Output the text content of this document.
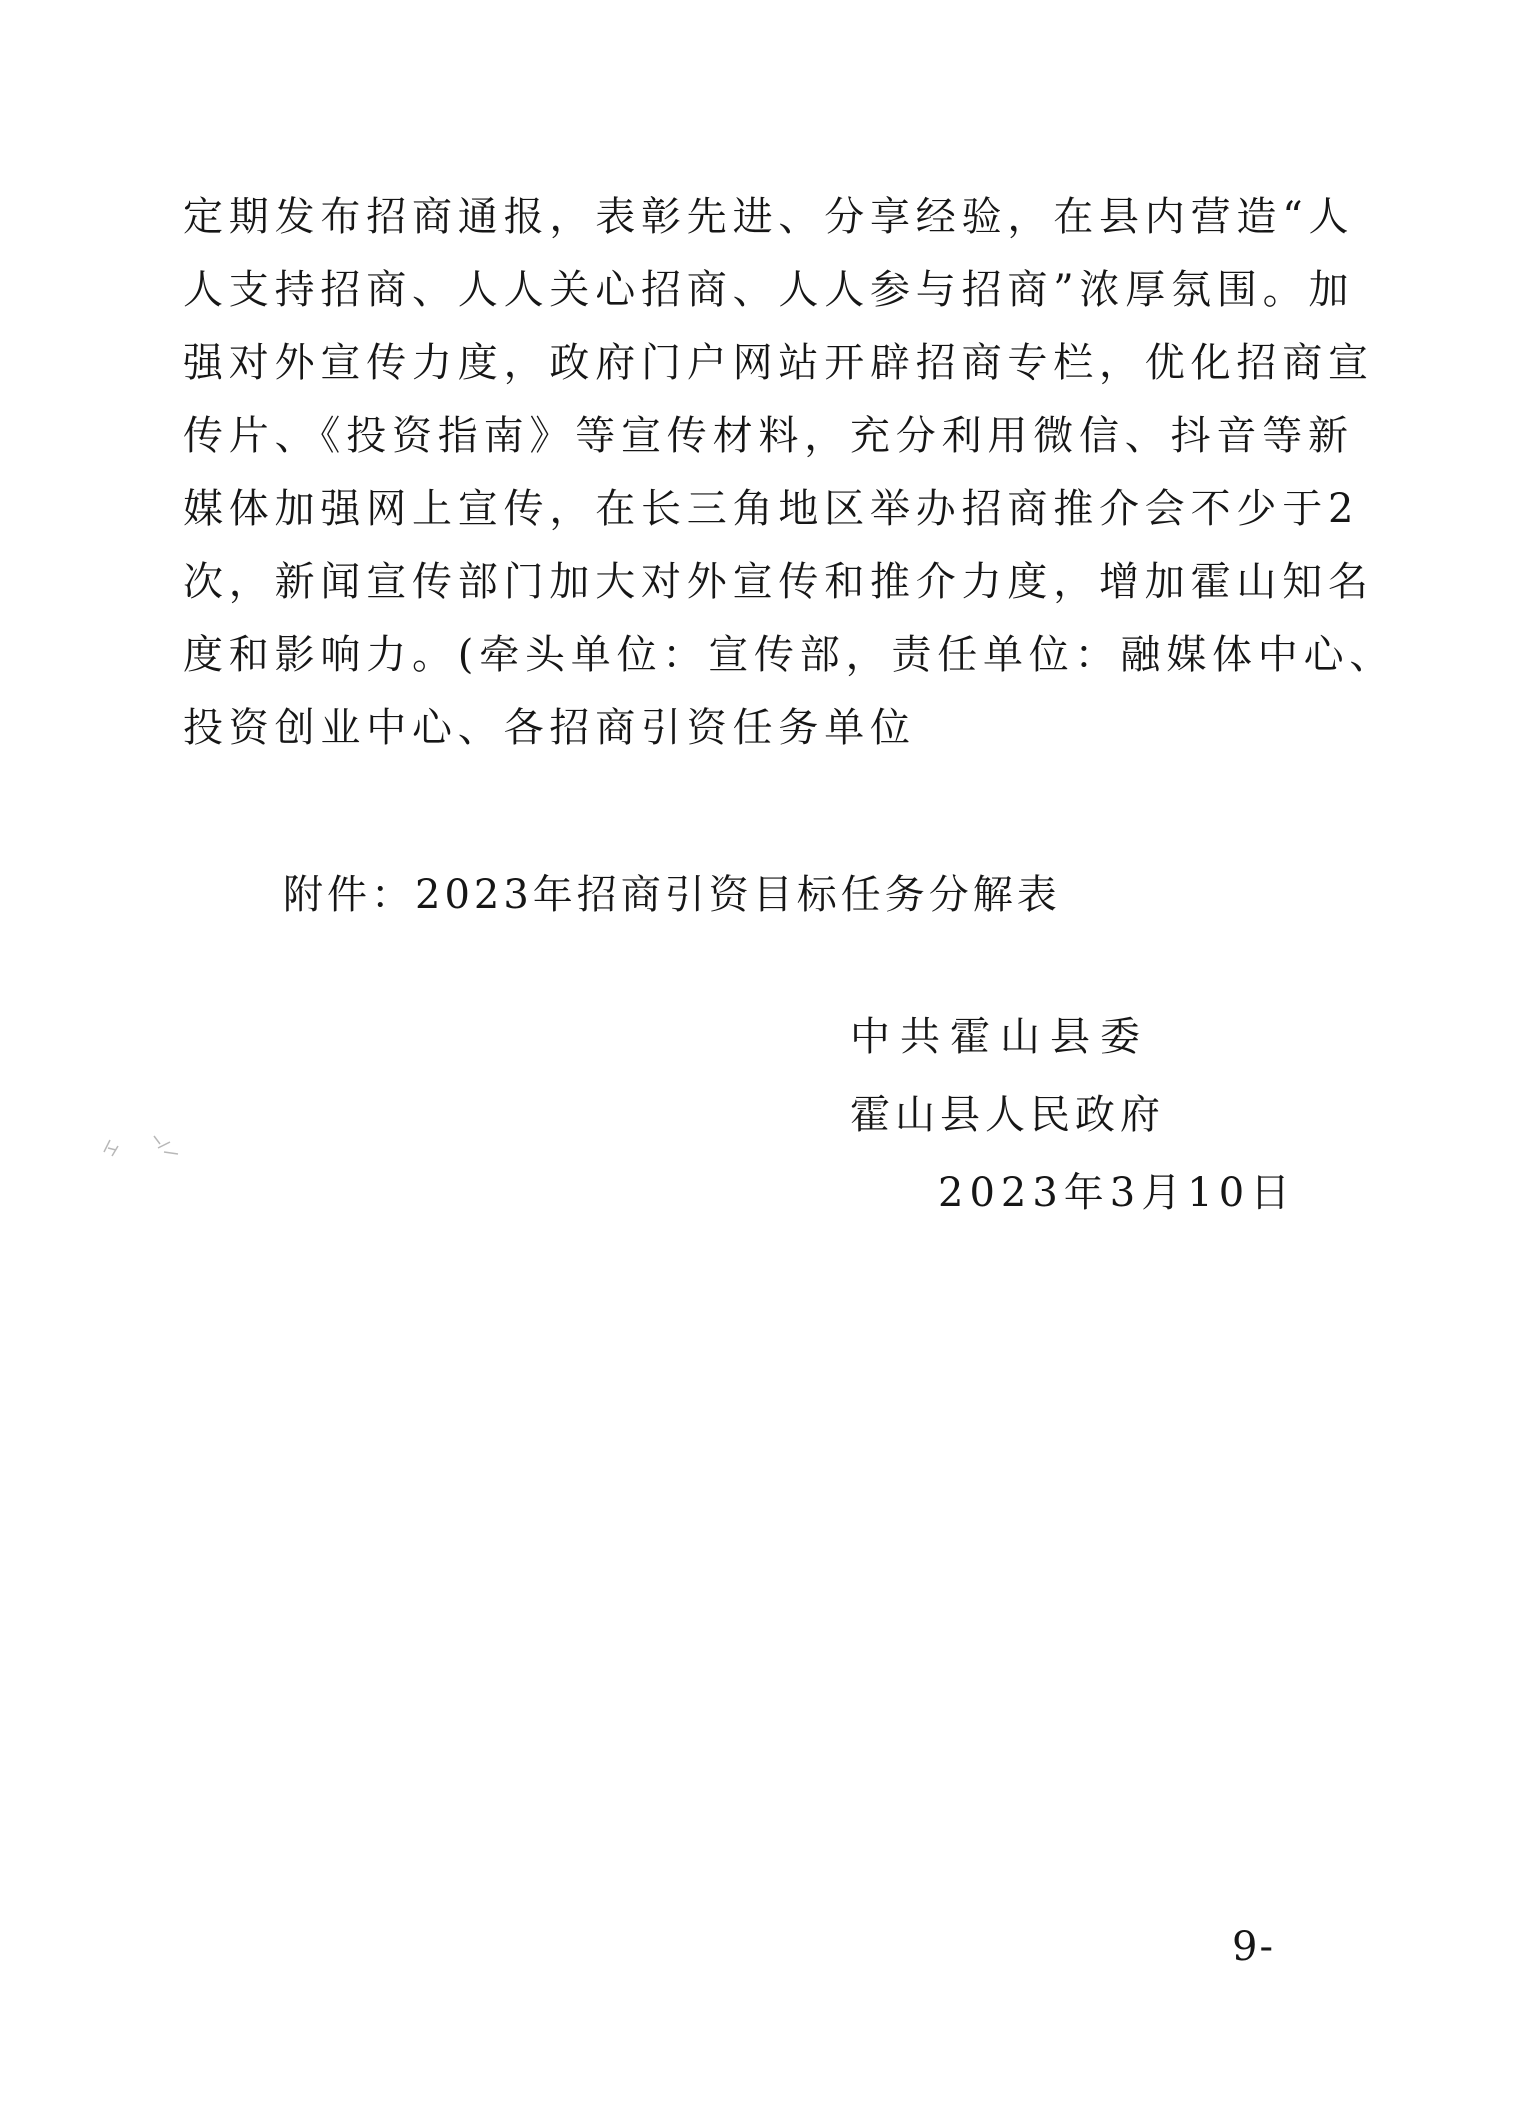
定期发布招商通报，表彰先进、分享经验，在县内营造“人
人支持招商、人人关心招商、人人参与招商”浓厚氛围。加
强对外宣传力度，政府门户网站开辟招商专栏，优化招商宣
传片、《投资指南》等宣传材料，充分利用微信、抖音等新
媒体加强网上宣传，在长三角地区举办招商推介会不少于2
次，新闻宣传部门加大对外宣传和推介力度，增加霍山知名
度和影响力。(牵头单位：宣传部，责任单位：融媒体中心、
投资创业中心、各招商引资任务单位
附件：2023年招商引资目标任务分解表
中共霍山县委
霍山县人民政府
2023年3月10日
9-
